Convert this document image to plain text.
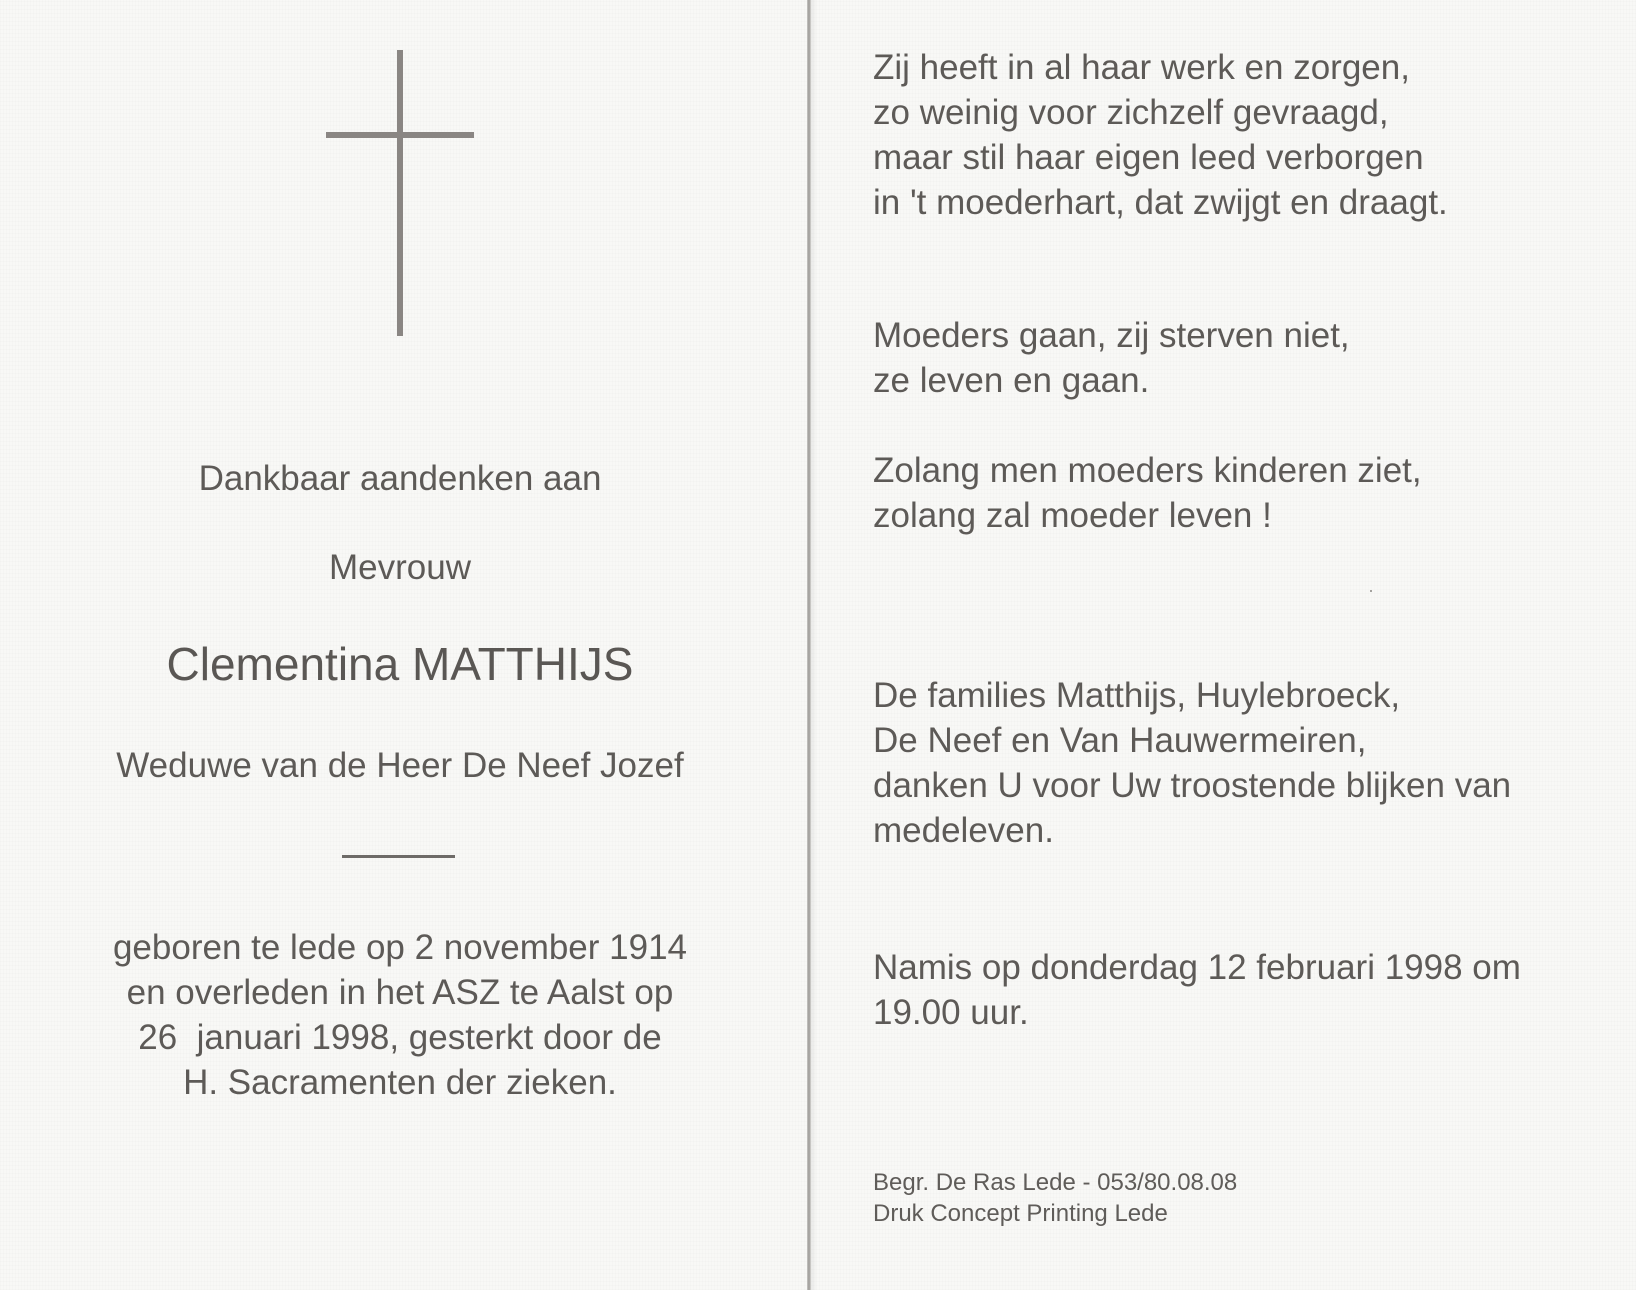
Dankbaar aandenken aan
Mevrouw
Clementina MATTHIJS
Weduwe van de Heer De Neef Jozef
geboren te lede op 2 november 1914
en overleden in het ASZ te Aalst op
26  januari 1998, gesterkt door de
H. Sacramenten der zieken.
Zij heeft in al haar werk en zorgen,
zo weinig voor zichzelf gevraagd,
maar stil haar eigen leed verborgen
in 't moederhart, dat zwijgt en draagt.
Moeders gaan, zij sterven niet,
ze leven en gaan.
Zolang men moeders kinderen ziet,
zolang zal moeder leven !
De families Matthijs, Huylebroeck,
De Neef en Van Hauwermeiren,
danken U voor Uw troostende blijken van
medeleven.
Namis op donderdag 12 februari 1998 om
19.00 uur.
Begr. De Ras Lede - 053/80.08.08
Druk Concept Printing Lede
